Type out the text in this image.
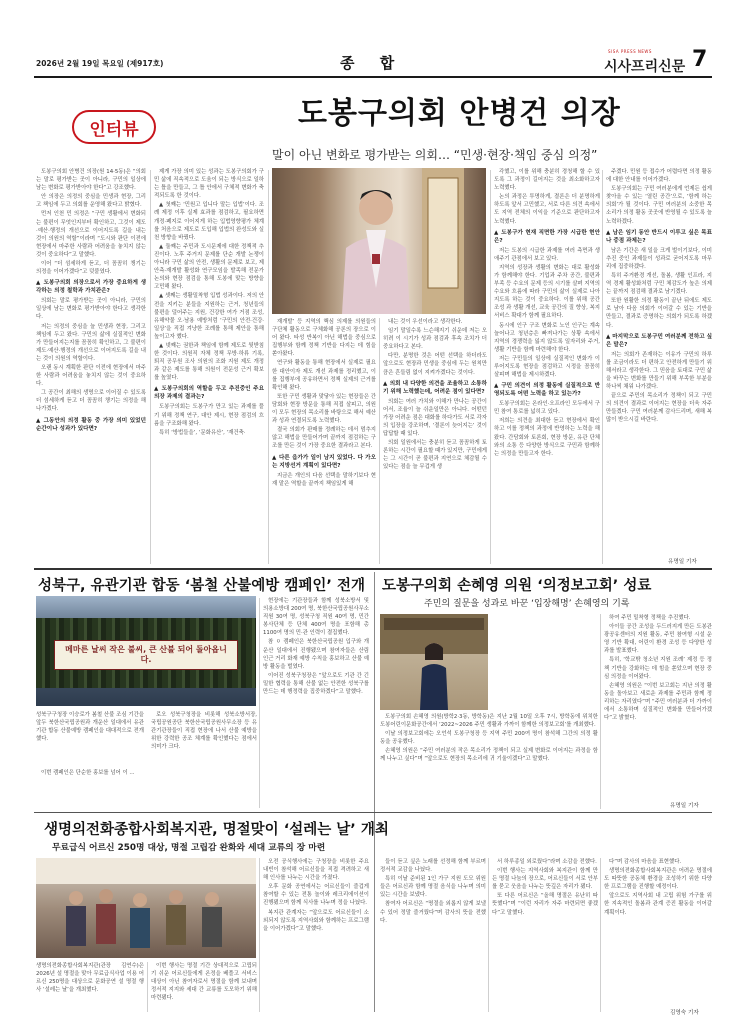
2026년 2월 19일 목요일 (제917호)	종 합
SISA PRESS NEWS
시사프리신문 7
인터뷰	도봉구의회 안병건 의장
말이 아닌 변화로 평가받는 의회… “민생·현장·책임 중심 의정”

도봉구의회 안병건 의장(원 14·5동)은 “의회는 말로 평가받는 곳이 아니라, 구민의 일상에 남는 변화로 평가받아야 한다”고 강조했다.

안 의장은 의정의 중심을 민생과 현장, 그리고 책임에 두고 의회를 운영해 왔다고 밝혔다.

먼저 인천 민 의정은 “구민 생활에서 변화되는 불편이 무엇인지부터 확인하고, 그것이 제도·예산·행정의 개선으로 이어지도록 길을 내는 것이 의원의 역할”이라며 “도시와 판단 이전에 현장에서 마주한 사람과 어려움을 놓치지 않는 것이 중요하다”고 말했다.

이어 “더 섬세하게 듣고, 더 꼼꼼히 챙기는 의정을 이어가겠다”고 덧붙였다.

▲ 도봉구의회 의장으로서 가장 중요하게 생각하는 의정 철학과 가치관은?

의회는 말로 평가받는 곳이 아니라, 구민의 일상에 남는 변화로 평가받아야 한다고 생각한다.

저는 의정의 중심을 늘 민생과 현장, 그리고 책임에 두고 왔다. 구민의 삶에 실질적인 변화가 만들어지는지를 꼼꼼히 확인하고, 그 불편이 제도·예산·행정의 개선으로 이어지도록 길을 내는 것이 의원의 역할이다.

오랜 동시 계획한 판단 이전에 현장에서 마주한 사람과 어려움을 놓치지 않는 것이 중요하다.

그 공간이 최해의 생명으로 이어질 수 있도록 더 섬세하게 듣고 더 꼼꼼히 챙기는 의정을 해나가겠다.

▲ 그동안의 의정 활동 중 가장 의미 있었던 순간이나 성과가 있다면?

제게 가장 의미 있는 성과는 도봉구의회가 구민 삶에 직속적으로 도움이 되는 방식으로 일하는 틀을 만들고, 그 틀 안에서 구체적 변화가 축적되도록 한 것이다.

▲ 첫째는 ‘민원고 입니다 말는 입법’이다. 조례 제정 이후 실제 효과를 점검하고, 필요하면 개정·폐지로 이어지게 하는 입법영향평가 체계를 처음으로 제도로 도입해 입법의 완성도와 실천 방향을 바꿨다.

▲ 둘째는 주민과 도시문제에 대한 정책적 추진이다. 노후 주거지 문제를 단순 개발 논쟁이 아니라 구민 삶의 안전, 생활의 문제로 보고, 제안측·재개발 활성화 연구모임을 발족해 전문가 논의와 현장 점검을 통해 도봉에 맞는 방향을 고민해 왔다.

▲ 셋째는 생활밀착형 입법 성과이다. 저의 안전을 지키는 분들을 지원하는 근거, 청년들의 불편을 덜어주는 지원, 건강한 여가 거점 조성, 유해약물 오·남용 예방처럼 ‘구민의 안전·건강·일상’을 직접 겨냥한 조례를 통해 제안을 통해 높이고자 했다.

▲ 넷째는 권한과 책임에 함께 제도로 뒷받침한 것이다. 의원직 자체 정책 무방·하류 기록, 퇴직 공무원 조사 의원의 조화 지원 제도 개정과 같은 제도를 통해 의원이 전문성 근거 확보를 높였다.

▲ 도봉구의회의 역할을 두고 추진중인 주요 의장 과제의 결과는?

도봉구의회는 도봉구가 만고 있는 과제를 풀기 위해 정책 연구, 대안 제시, 현장 점검의 흐름을 구조화해 왔다.

특히 ‘방법들을’, ‘문화유산’, ‘재건축·

재개발’ 등 지역의 핵심 의제를 의원들의 구단체 활동으로 구체화해 공론의 장으로 이어 왔다. 타성 반복이 아닌 해법을 중심으로 집행부와 함께 정책 기반을 다지는 데 힘을 쏟아왔다.

연구와 활동을 통해 현장에서 실제로 필요한 대안이자 제도 개선 과제를 정리했고, 이를 집행부에 공유하면서 정책 실제의 근거를 확인해 왔다.

또한 구민 생활과 맞닿아 있는 현장들은 간담회와 현장 방문을 통해 직접 살피고, 의원이 모두 현장의 목소리를 바탕으로 해서 예산과 성과 연결되도록 노력했다.

결국 의회가 판매를 정례하는 데서 멈추지 않고 해법을 만들어가며 끝까지 점검하는 구조를 만든 것이 가장 중요한 결과라고 본다.

▲ 다른 읍가가 일이 남지 있었다. 다 가오는 지방선거 계획이 있다면?

지금은 개인의 다음 선택을 말하기보다 현재 맡은 역할을 끝까지 책임있게 해

내는 것이 우선이라고 생각한다.

임기 말일수록 느슨해지기 쉬운데 저는 오히려 이 시기가 성과 점검과 후속 조치가 더 중요하다고 본다.

다만, 분명한 것은 어떤 선택을 하더라도 앞으로도 현장과 민생을 중심에 두는 원칙만큼은 흔들림 없이 지켜가겠다는 것이다.

▲ 의회 내 다양한 의견을 조율하고 소통하기 위해 노력했는데, 어려운 점이 있다면?

의회는 여러 가치와 이해가 만나는 공간이어서, 조율이 늘 쉬운일만은 아니다. 어떤던 가장 어려운 점은 대화를 하다가도 서로 각자의 입장을 강조하며, ‘결론이 늦어지는’ 것이 답답할 때 있다.

의회 일원에서는 충분히 듣고 꼼꼼하게 토론하는 시간이 필요할 때가 있지만, 구민에게는 그 시간이 곧 불편과 지연으로 체감될 수 있다는 점을 늘 무겁게 생

각했고, 이를 위해 충분히 경청해 할 수 있도록 그 과정이 길어지는 것을 최소화하고자 노력했다.

논의 과정은 투명하게, 결론은 더 분명하게 하도록 앞서 고민했고, 서로 다른 의견 속에서도 지역 전체의 이익을 기준으로 판단하고자 노력했다.

▲ 도봉구가 현재 직면한 가장 시급한 현안은?

저는 도봉의 시급한 과제를 여러 측면과 생애주기 관점에서 보고 있다.

지역의 성장과 생활의 변화는 대로 활성화가 함께해야 한다. 기업과 주차 공간, 불편과 부족 등 수요의 문제 등의 시기를 살펴 지역의 수요와 흐름에 따라 구민의 삶이 실제로 나아지도록 하는 것이 중요하다. 이를 위해 공간 조성 과 생활 개선, 교육 공간의 질 향상, 복지 서비스 확대가 함께 필요하다.

동시에 인구 구조 변화로 노인 인구는 계속 늘어나고 청년층은 빠져나가는 상황 속에서 지역의 경쟁력을 잃지 않도록 일자리와 주거, 생활 기반을 함께 마련해야 한다.

저는 구민들의 일상에 실질적인 변화가 이루어지도록 현장을 점검하고 시정을 꼼꼼히 살피며 해법을 제시하겠다.

▲ 구민 의견이 의정 활동에 실질적으로 반영되도록 어떤 노력을 하고 있는가?

도봉구의회는 온라인·오프라인 모두에서 구민 참여 통로를 넓히고 있다.

저희는 의견을 최대한 듣고 현장에서 확인하고 이를 정책의 과정에 반영하는 노력을 해왔다. 간담회와 토론회, 현장 방문, 유관 단체와의 소통 등 다양한 방식으로 구민과 함께하는 의정을 만들고자 한다.

주겠다. 민원 등 접수가 어렵다면 의정 활동에 대한 안내를 이어가겠다.

도봉구의회는 구민 여러분에게 언제든 쉽게 찾아올 수 있는 ‘열린 공간’으로, ‘함께 하는 의회’가 될 것이다. 구민 여러분의 소중한 목소리가 의정 활동 곳곳에 반영될 수 있도록 늘 노력하겠다.

▲ 남은 임기 동안 반드시 이루고 싶은 목표나 중점 과제는?

남은 기간은 새 일을 크게 벌이기보다, 이미 추진 중인 과제들이 성과로 굳어지도록 마무리에 집중하겠다.

특히 주거환경 개선, 돌봄, 생활 인프라, 지역 경제 활성화처럼 구민 체감도가 높은 의제는 끝까지 점검해 결과로 남기겠다.

또한 원활한 의정 활동이 끝난 뒤에도 제도로 남아 다음 의회가 이어갈 수 있는 기반을 만들고, 결과로 증명하는 의회가 되도록 하겠다.

▲ 마지막으로 도봉구민 여러분께 전하고 싶은 말은?

저는 의회가 존재하는 이유가 구민의 하루를 조금이라도 더 편하고 안전하게 만들기 위해서라고 생각한다. 그 믿음을 토대로 구민 삶을 바꾸는 변화를 만들기 위해 부족한 부분을 하나씩 채워 나가겠다.

끝으로 주민의 목소리가 정책이 되고 구민의 의견이 결과로 이어지는 현장을 더욱 자주 만들겠다. 구민 여러분께 감사드리며, 새해 복 많이 받으시길 바란다.

유명일 기자
성북구, 유관기관 합동 ‘봄철 산불예방 캠페인’ 전개
메마른 날씨 작은 불씨, 큰 산불 되어 돌아옵니다.
성북구구청장 이승로가 봄철 산불 조심 기간을 앞두 북한산국립공원과 개운산 일대에서 유관기관 합동 산불예방 캠페인을 대대적으로 전개했다.

이번 캠페인은 단순한 홍보를 넘어 이 ...

로오 성북구청장을 비롯해 성북소방서장, 국립공원공단 북한산국립공원사무소장 등 유관기관장들이 직접 현장에 나서 산불 예방을 위한 강력한 공조 체계를 확인했다는 점에서 의미가 크다.

현장에는 기관장들과 함께 성북소방서 및 의용소방대 200여 명, 북한산국립공원사무소 직원 30여 명, 성북구청 직원 40여 명, 민간봉사단체 등 단체 400여 명을 포함해 총 1100여 명의 민·관 인력이 결집했다.

참 ㅇ 캠페인은 북한산국립공원 입구와 개운산 일대에서 진행됐으며 참여자들은 산림 인근 거리 화재 예방 수칙을 홍보하고 산불 예방 활동을 벌였다.

이어진 성북구청장은 “앞으로도 기관 간 긴밀한 협력을 통해 산불 없는 안전한 성북구를 만드는 데 행정력을 집중하겠다”고 말했다.

도봉구의회 손혜영 의원 ‘의정보고회’ 성료
주민의 질문을 성과로 바꾼 ‘입장해명’ 손혜영의 기록

도봉구의회 손혜영 의원(방학2·3동, 방학동)은 지난 2월 10일 오후 7시, 방학동에 위치한 도봉어린이문화공간에서 ‘2022~2026 주민 생활과 가까이 함께한 의정보고회’를 개최했다.

이날 의정보고회에는 오언석 도봉구청장 등 지역 주민 200여 명이 참석해 그간의 의정 활동을 공유했다.

손혜영 의원은 “주민 여러분의 작은 목소리가 정책이 되고 실제 변화로 이어지는 과정을 함께 나누고 싶다”며 “앞으로도 현장의 목소리에 귀 기울이겠다”고 말했다.

하여 주민 밀착형 정책을 추진했다.

아이들 공간 조성을 두드러지게 만든 도봉관광공유센터의 지원 활동, 주민 참여형 시설 운영 기반 확대, 어린이 환경 조성 등 다양한 성과를 발표했다.

특히, ‘학교밖 청소년 지원 조례’ 제정 등 정책 기반을 강화하는 데 힘을 쏟았으며 현장 중심 의정을 이어왔다.

손혜영 의원은 “이번 보고회는 지난 의정 활동을 돌아보고 새로운 과제를 주민과 함께 정리하는 자리였다”며 “주민 여러분과 더 가까이에서 소통하며 실질적인 변화를 만들어가겠다”고 밝혔다.

유명일 기자
생명의전화종합사회복지관, 명절맞이 ‘설레는 날’ 개최
무료급식 어르신 250명 대상, 명절 고립감 완화와 세대 교류의 장 마련
생명의전화종합사회복지관(관장 김연수)은 2026년 설 명절을 맞아 무료급식사업 이용 어르신 250명을 대상으로 문화공연 설 명절 행사 ‘설레는 날’을 개최했다.

이번 행사는 명절 기간 상대적으로 고립되기 쉬운 어르신들에게 온정을 베풀고 서비스 대상이 아닌 참여자로서 명절을 함께 보내며 정서적 지지와 세대 간 교류를 도모하기 위해 마련됐다.

오전 공식행사에는 구청장을 비롯한 주요 내빈이 참석해 어르신들을 직접 격려하고 새해 인사를 나누는 시간을 가졌다.

오후 문화 공연에서는 어르신들이 즐겁게 참여할 수 있는 전통 놀이와 레크리에이션이 진행됐으며 함께 식사를 나누며 정을 나눴다.

복지관 관계자는 “앞으로도 어르신들이 소외되지 않도록 지역사회와 함께하는 프로그램을 이어가겠다”고 말했다.

들이 듣고 싶은 노래를 선정해 함께 부르며 정서적 교감을 나눴다.

특히 이날 준비된 1인 가구 지원 도모 위원들은 어르신과 함께 명절 음식을 나누며 의미 있는 시간을 보냈다.

참여자 어르신은 “명절을 외롭지 않게 보낼 수 있어 정말 즐거웠다”며 감사의 뜻을 전했다.

서 하루종일 외로웠다”라며 소감을 전했다.

이번 행사는 지역사회와 복지관이 함께 만든 명절 나눔의 장으로, 어르신들이 서로 안부를 묻고 웃음을 나누는 뜻깊은 자리가 됐다.

또 다른 어르신은 “올해 명절은 유난히 따뜻했다”며 “이런 자리가 자주 마련되면 좋겠다”고 말했다.

다”며 감사의 마음을 표현했다.

생명의전화종합사회복지관은 어려운 명절에도 따뜻한 공동체 환경을 조성하기 위한 다양한 프로그램을 진행할 예정이다.

앞으로도 지역사회 내 고립 위험 가구를 위한 지속적인 돌봄과 관계 증진 활동을 이어갈 계획이다.

김영숙 기자
